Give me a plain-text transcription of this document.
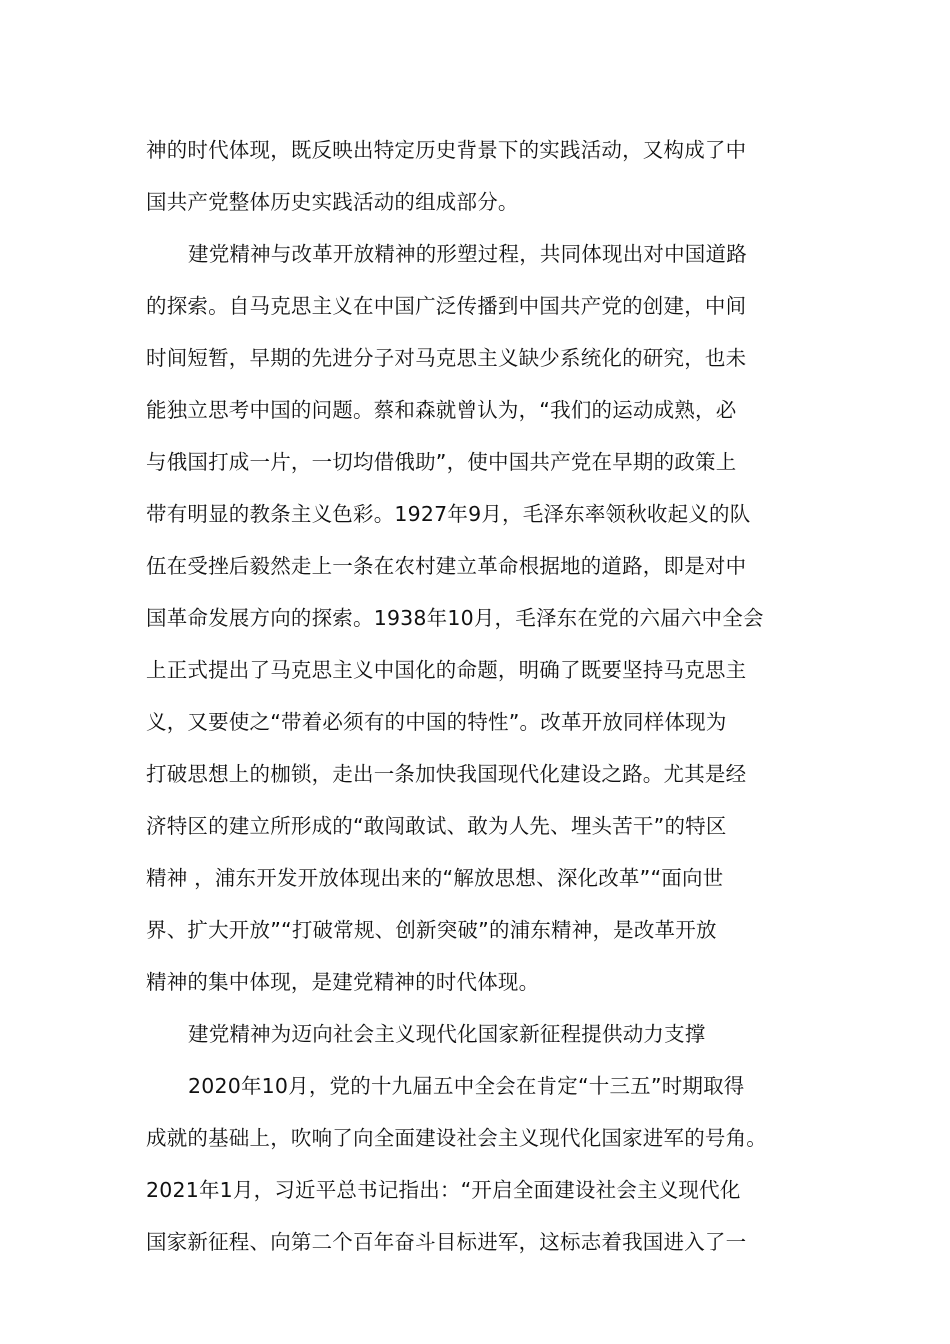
神的时代体现，既反映出特定历史背景下的实践活动，又构成了中
国共产党整体历史实践活动的组成部分。
建党精神与改革开放精神的形塑过程，共同体现出对中国道路
的探索。自马克思主义在中国广泛传播到中国共产党的创建，中间
时间短暂，早期的先进分子对马克思主义缺少系统化的研究，也未
能独立思考中国的问题。蔡和森就曾认为，“我们的运动成熟，必
与俄国打成一片，一切均借俄助”，使中国共产党在早期的政策上
带有明显的教条主义色彩。1927年9月，毛泽东率领秋收起义的队
伍在受挫后毅然走上一条在农村建立革命根据地的道路，即是对中
国革命发展方向的探索。1938年10月，毛泽东在党的六届六中全会
上正式提出了马克思主义中国化的命题，明确了既要坚持马克思主
义，又要使之“带着必须有的中国的特性”。改革开放同样体现为
打破思想上的枷锁，走出一条加快我国现代化建设之路。尤其是经
济特区的建立所形成的“敢闯敢试、敢为人先、埋头苦干”的特区
精神 ，浦东开发开放体现出来的“解放思想、深化改革”“面向世
界、扩大开放”“打破常规、创新突破”的浦东精神，是改革开放
精神的集中体现，是建党精神的时代体现。
建党精神为迈向社会主义现代化国家新征程提供动力支撑
2020年10月，党的十九届五中全会在肯定“十三五”时期取得
成就的基础上，吹响了向全面建设社会主义现代化国家进军的号角。
2021年1月，习近平总书记指出：“开启全面建设社会主义现代化
国家新征程、向第二个百年奋斗目标进军，这标志着我国进入了一
